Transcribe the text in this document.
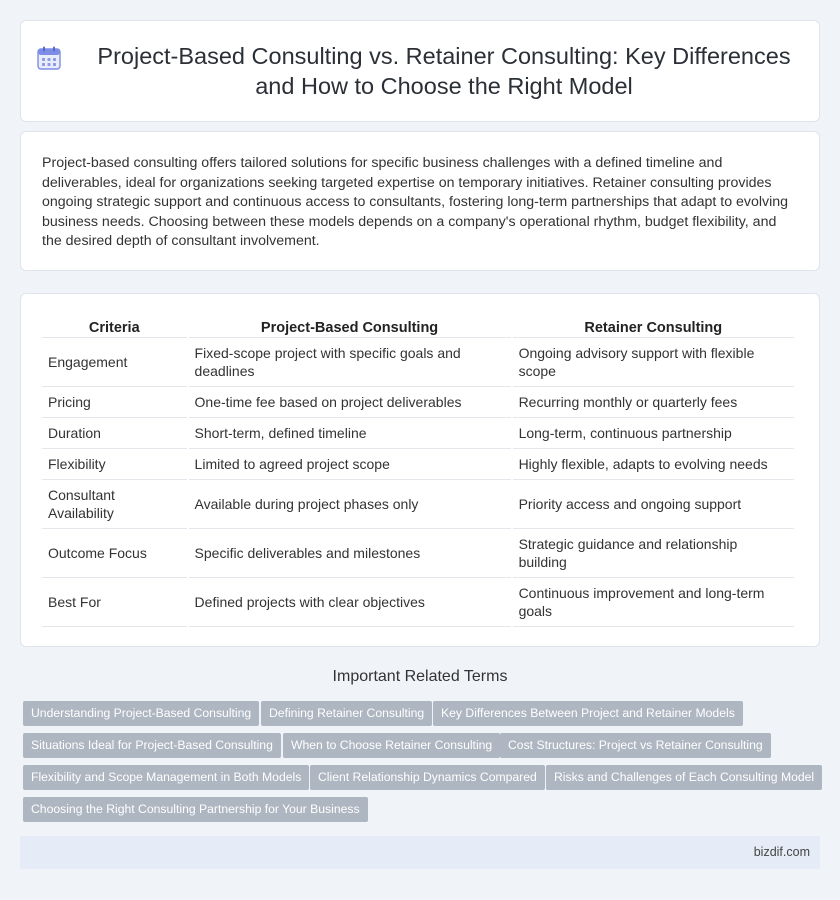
Project-Based Consulting vs. Retainer Consulting: Key Differences and How to Choose the Right Model

Project-based consulting offers tailored solutions for specific business challenges with a defined timeline and deliverables, ideal for organizations seeking targeted expertise on temporary initiatives. Retainer consulting provides ongoing strategic support and continuous access to consultants, fostering long-term partnerships that adapt to evolving business needs. Choosing between these models depends on a company's operational rhythm, budget flexibility, and the desired depth of consultant involvement.

Criteria	Project-Based Consulting	Retainer Consulting
Engagement	Fixed-scope project with specific goals and deadlines	Ongoing advisory support with flexible scope
Pricing	One-time fee based on project deliverables	Recurring monthly or quarterly fees
Duration	Short-term, defined timeline	Long-term, continuous partnership
Flexibility	Limited to agreed project scope	Highly flexible, adapts to evolving needs
Consultant Availability	Available during project phases only	Priority access and ongoing support
Outcome Focus	Specific deliverables and milestones	Strategic guidance and relationship building
Best For	Defined projects with clear objectives	Continuous improvement and long-term goals
Important Related Terms
Understanding Project-Based Consulting	Defining Retainer Consulting	Key Differences Between Project and Retainer Models
Situations Ideal for Project-Based Consulting	When to Choose Retainer Consulting	Cost Structures: Project vs Retainer Consulting
Flexibility and Scope Management in Both Models	Client Relationship Dynamics Compared	Risks and Challenges of Each Consulting Model
Choosing the Right Consulting Partnership for Your Business
bizdif.com
